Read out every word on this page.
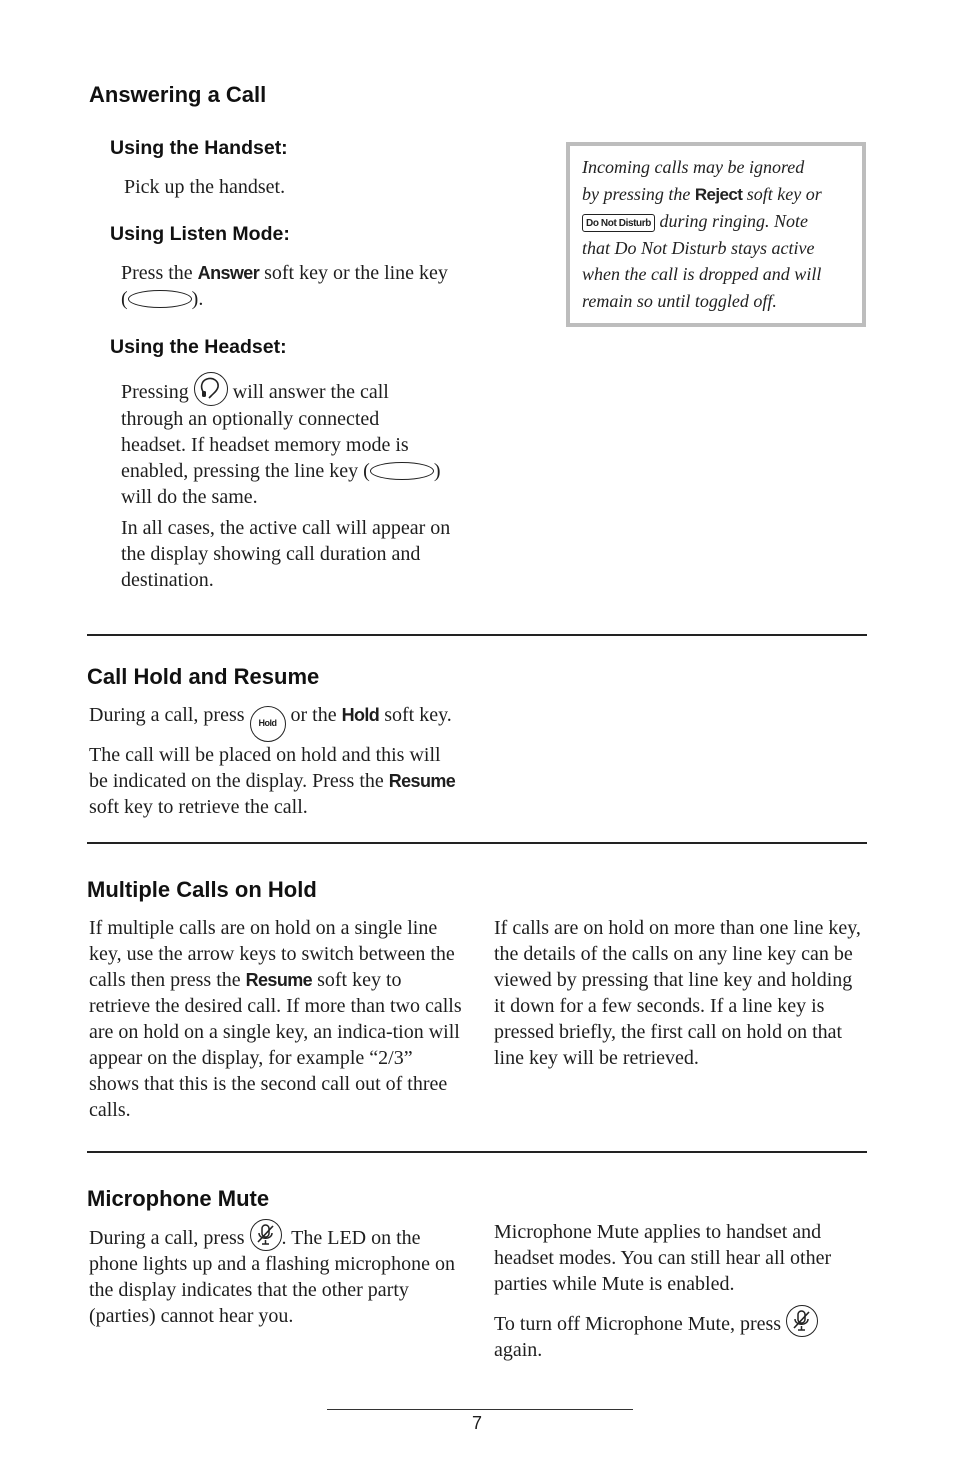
Answering a Call
Using the Handset:

Pick up the handset.

Using Listen Mode:
Press the Answer soft key or the line key
(	).
Using the Headset:
Pressing
will answer the call
through an optionally connected
headset. If headset memory mode is
enabled, pressing the line key (	)
will do the same.

In all cases, the active call will appear on the display showing call duration and destination.

Incoming calls may be ignored
by pressing the Reject soft key or
Do Not Disturb during ringing. Note
that Do Not Disturb stays active
when the call is dropped and will
remain so until toggled off.

Call Hold and Resume
During a call, press Hold or the Hold soft key.
The call will be placed on hold and this will
be indicated on the display. Press the Resume
soft key to retrieve the call.
Multiple Calls on Hold

If multiple calls are on hold on a single line key, use the arrow keys to switch between the calls then press the Resume soft key to retrieve the desired call. If more than two calls are on hold on a single key, an indica-tion will appear on the display, for example “2/3” shows that this is the second call out of three calls.

If calls are on hold on more than one line key, the details of the calls on any line key can be viewed by pressing that line key and holding it down for a few seconds. If a line key is pressed briefly, the first call on hold on that line key will be retrieved.

Microphone Mute
During a call, press
. The LED on the
phone lights up and a flashing microphone on the display indicates that the other party (parties) cannot hear you.

Microphone Mute applies to handset and headset modes. You can still hear all other parties while Mute is enabled.

To turn off Microphone Mute, press

again.
7
